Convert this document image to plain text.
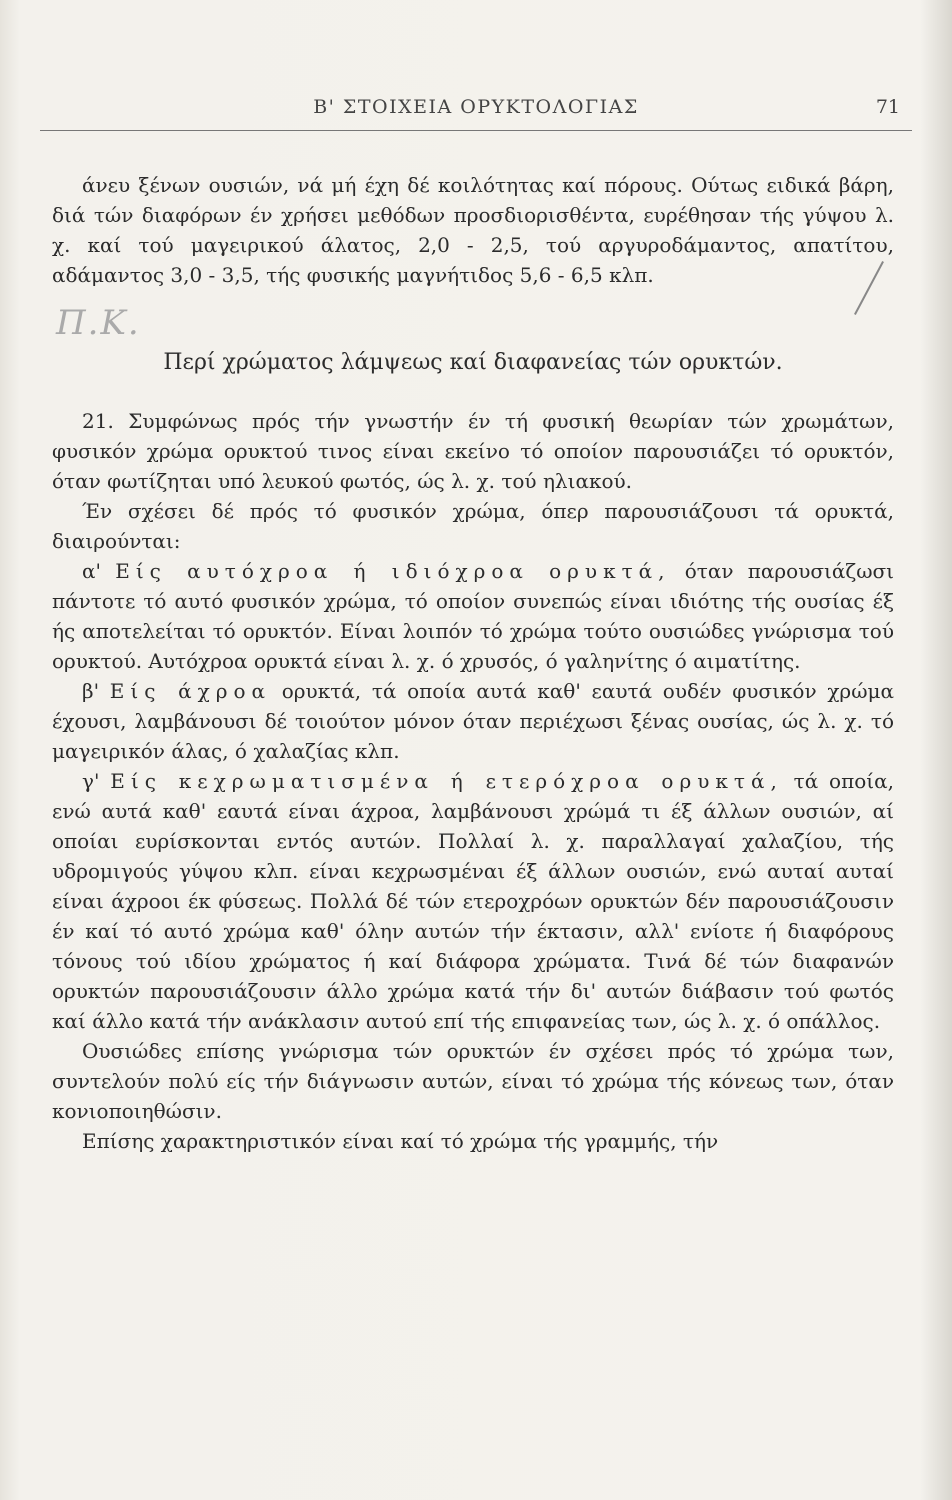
Β' ΣΤΟΙΧΕΙΑ ΟΡΥΚΤΟΛΟΓΙΑΣ	71

άνευ ξένων ουσιών, νά μή έχη δέ κοιλότητας καί πόρους. Ούτως ειδικά βάρη, διά τών διαφόρων έν χρήσει μεθόδων προσδιορισθέντα, ευρέθησαν τής γύψου λ. χ. καί τού μαγειρικού άλατος, 2,0 - 2,5, τού αργυροδάμαντος, απατίτου, αδάμαντος 3,0 - 3,5, τής φυσικής μαγνήτιδος 5,6 - 6,5 κλπ.

Π.Κ.
Περί χρώματος λάμψεως καί διαφανείας τών ορυκτών.

21. Συμφώνως πρός τήν γνωστήν έν τή φυσική θεωρίαν τών χρωμάτων, φυσικόν χρώμα ορυκτού τινος είναι εκείνο τό οποίον παρουσιάζει τό ορυκτόν, όταν φωτίζηται υπό λευκού φωτός, ώς λ. χ. τού ηλιακού.

Έν σχέσει δέ πρός τό φυσικόν χρώμα, όπερ παρουσιάζουσι τά ορυκτά, διαιρούνται:

α' Είς αυτόχροα ή ιδιόχροα ορυκτά, όταν παρουσιάζωσι πάντοτε τό αυτό φυσικόν χρώμα, τό οποίον συνεπώς είναι ιδιότης τής ουσίας έξ ής αποτελείται τό ορυκτόν. Είναι λοιπόν τό χρώμα τούτο ουσιώδες γνώρισμα τού ορυκτού. Αυτόχροα ορυκτά είναι λ. χ. ό χρυσός, ό γαληνίτης ό αιματίτης.

β' Είς άχροα ορυκτά, τά οποία αυτά καθ' εαυτά ουδέν φυσικόν χρώμα έχουσι, λαμβάνουσι δέ τοιούτον μόνον όταν περιέχωσι ξένας ουσίας, ώς λ. χ. τό μαγειρικόν άλας, ό χαλαζίας κλπ.

γ' Είς κεχρωματισμένα ή ετερόχροα ορυκτά, τά οποία, ενώ αυτά καθ' εαυτά είναι άχροα, λαμβάνουσι χρώμά τι έξ άλλων ουσιών, αί οποίαι ευρίσκονται εντός αυτών. Πολλαί λ. χ. παραλλαγαί χαλαζίου, τής υδρομιγούς γύψου κλπ. είναι κεχρωσμέναι έξ άλλων ουσιών, ενώ αυταί αυταί είναι άχροοι έκ φύσεως. Πολλά δέ τών ετεροχρόων ορυκτών δέν παρουσιάζουσιν έν καί τό αυτό χρώμα καθ' όλην αυτών τήν έκτασιν, αλλ' ενίοτε ή διαφόρους τόνους τού ιδίου χρώματος ή καί διάφορα χρώματα. Τινά δέ τών διαφανών ορυκτών παρουσιάζουσιν άλλο χρώμα κατά τήν δι' αυτών διάβασιν τού φωτός καί άλλο κατά τήν ανάκλασιν αυτού επί τής επιφανείας των, ώς λ. χ. ό οπάλλος.

Ουσιώδες επίσης γνώρισμα τών ορυκτών έν σχέσει πρός τό χρώμα των, συντελούν πολύ είς τήν διάγνωσιν αυτών, είναι τό χρώμα τής κόνεως των, όταν κονιοποιηθώσιν.

Επίσης χαρακτηριστικόν είναι καί τό χρώμα τής γραμμής, τήν
